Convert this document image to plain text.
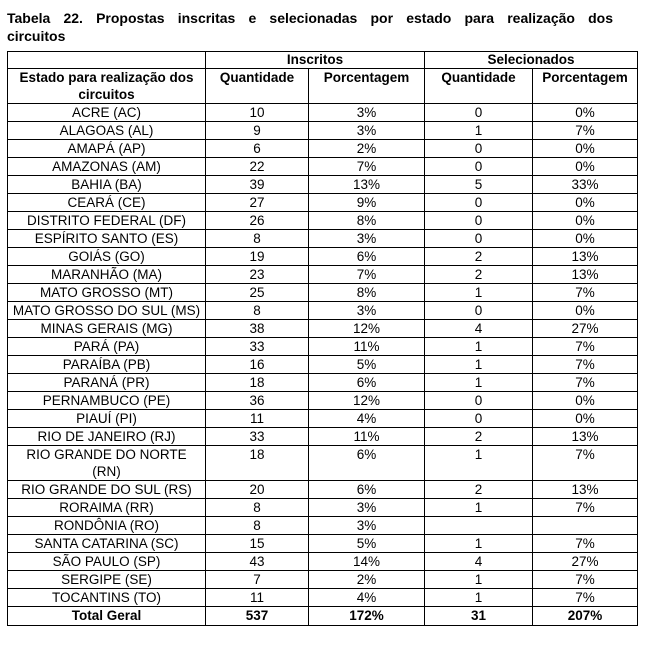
Tabela 22. Propostas inscritas e selecionadas por estado para realização dos circuitos
	Inscritos		Selecionados	
Estado para realização dos circuitos	Quantidade	Porcentagem	Quantidade	Porcentagem
ACRE (AC)	10	3%	0	0%
ALAGOAS (AL)	9	3%	1	7%
AMAPÁ (AP)	6	2%	0	0%
AMAZONAS (AM)	22	7%	0	0%
BAHIA (BA)	39	13%	5	33%
CEARÁ (CE)	27	9%	0	0%
DISTRITO FEDERAL (DF)	26	8%	0	0%
ESPÍRITO SANTO (ES)	8	3%	0	0%
GOIÁS (GO)	19	6%	2	13%
MARANHÃO (MA)	23	7%	2	13%
MATO GROSSO (MT)	25	8%	1	7%
MATO GROSSO DO SUL (MS)	8	3%	0	0%
MINAS GERAIS (MG)	38	12%	4	27%
PARÁ (PA)	33	11%	1	7%
PARAÍBA (PB)	16	5%	1	7%
PARANÁ (PR)	18	6%	1	7%
PERNAMBUCO (PE)	36	12%	0	0%
PIAUÍ (PI)	11	4%	0	0%
RIO DE JANEIRO (RJ)	33	11%	2	13%
RIO GRANDE DO NORTE (RN)	18	6%	1	7%
RIO GRANDE DO SUL (RS)	20	6%	2	13%
RORAIMA (RR)	8	3%	1	7%
RONDÔNIA (RO)	8	3%		
SANTA CATARINA (SC)	15	5%	1	7%
SÃO PAULO (SP)	43	14%	4	27%
SERGIPE (SE)	7	2%	1	7%
TOCANTINS (TO)	11	4%	1	7%
Total Geral	537	172%	31	207%
